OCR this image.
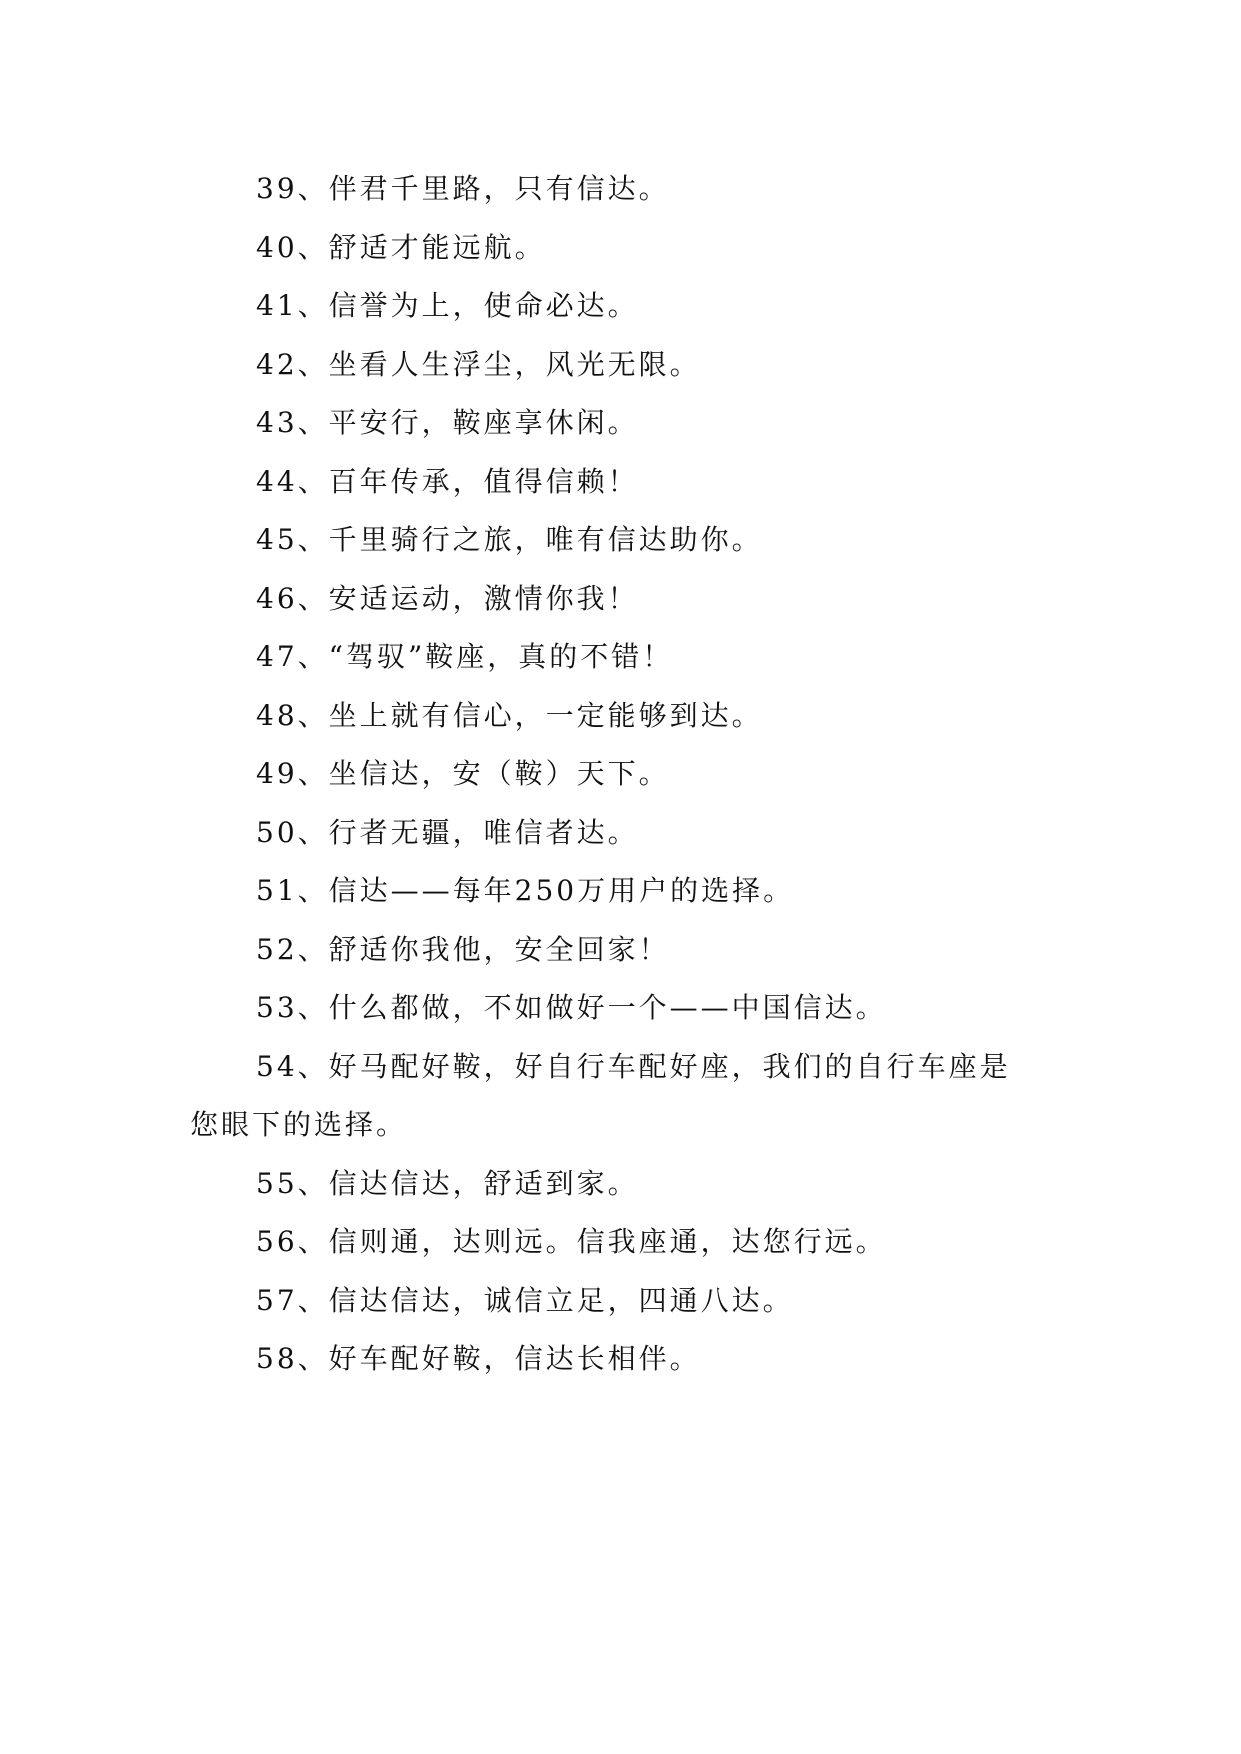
39、伴君千里路，只有信达。
40、舒适才能远航。
41、信誉为上，使命必达。
42、坐看人生浮尘，风光无限。
43、平安行，鞍座享休闲。
44、百年传承，值得信赖！
45、千里骑行之旅，唯有信达助你。
46、安适运动，激情你我！
47、“驾驭”鞍座，真的不错！
48、坐上就有信心，一定能够到达。
49、坐信达，安（鞍）天下。
50、行者无疆，唯信者达。
51、信达——每年250万用户的选择。
52、舒适你我他，安全回家！
53、什么都做，不如做好一个——中国信达。
54、好马配好鞍，好自行车配好座，我们的自行车座是
您眼下的选择。
55、信达信达，舒适到家。
56、信则通，达则远。信我座通，达您行远。
57、信达信达，诚信立足，四通八达。
58、好车配好鞍，信达长相伴。
